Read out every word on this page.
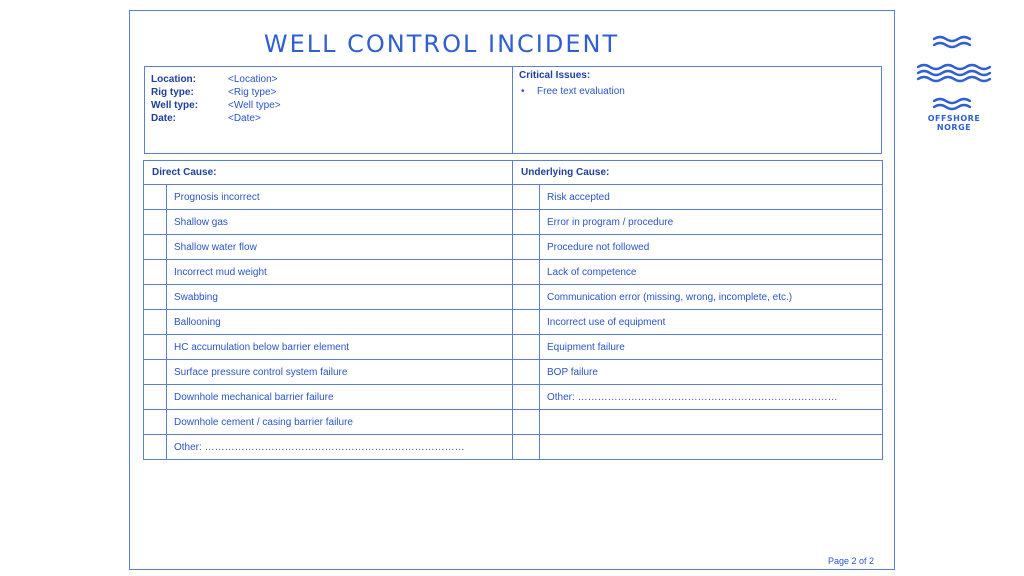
WELL CONTROL INCIDENT
Location:	<Location>
Rig type:	<Rig type>
Well type:	<Well type>
Date:	<Date>
Critical Issues:
•	Free text evaluation
Direct Cause:		Underlying Cause:	
	Prognosis incorrect		Risk accepted
	Shallow gas		Error in program / procedure
	Shallow water flow		Procedure not followed
	Incorrect mud weight		Lack of competence
	Swabbing		Communication error (missing, wrong, incomplete, etc.)
	Ballooning		Incorrect use of equipment
	HC accumulation below barrier element		Equipment failure
	Surface pressure control system failure		BOP failure
	Downhole mechanical barrier failure		Other: ……………………………………………………………………
	Downhole cement / casing barrier failure		
	Other: ……………………………………………………………………		
OFFSHORE NORGE
Page 2 of 2
